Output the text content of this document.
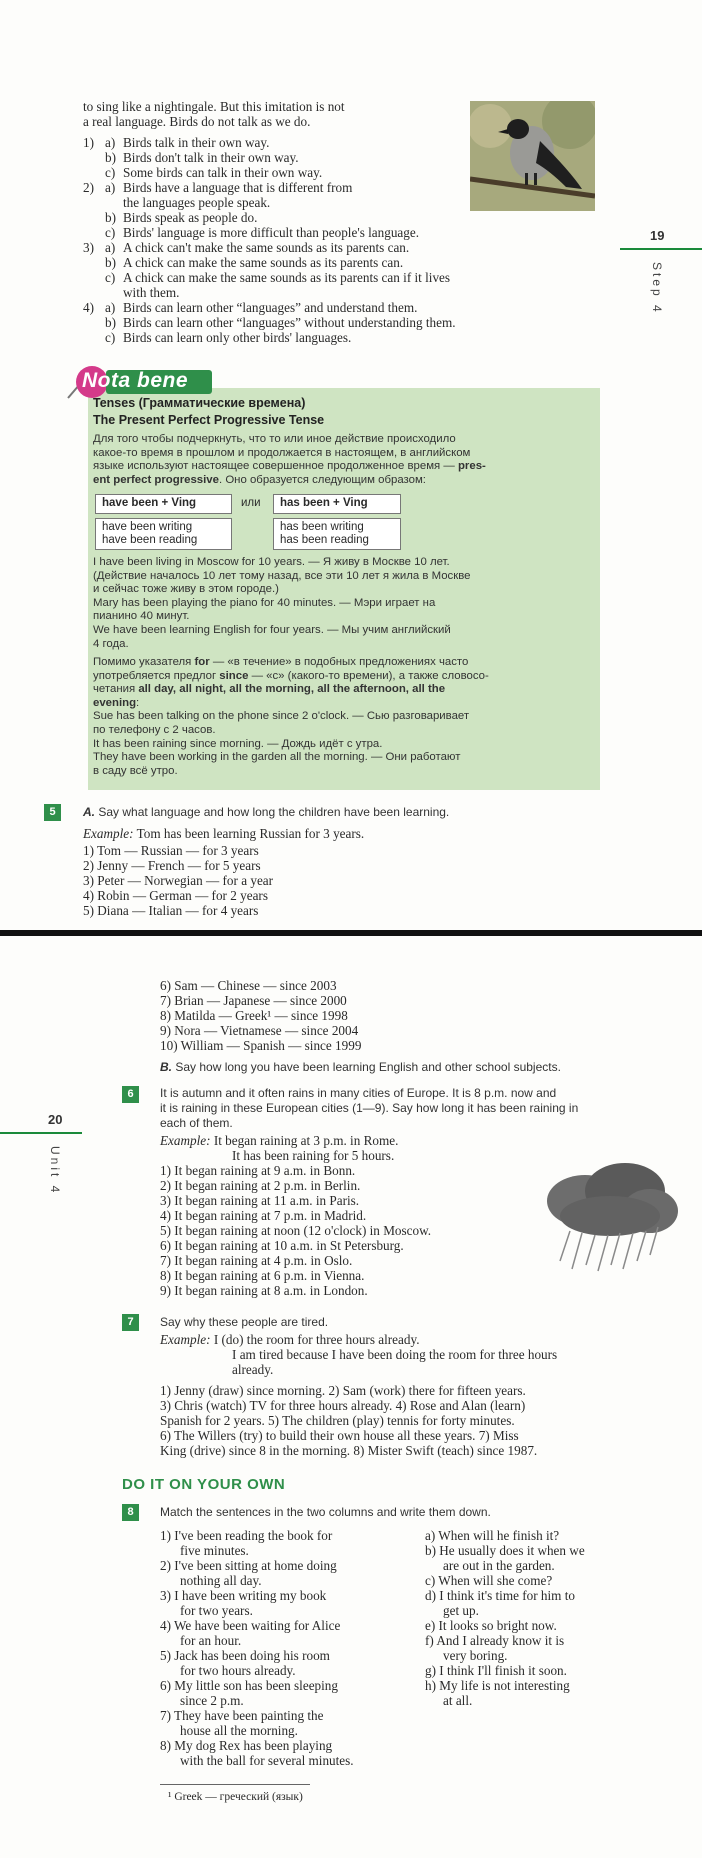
to sing like a nightingale. But this imitation is not
a real language. Birds do not talk as we do.
1) a) Birds talk in their own way.
b) Birds don't talk in their own way.
c) Some birds can talk in their own way.
2) a) Birds have a language that is different from
the languages people speak.
b) Birds speak as people do.
c) Birds' language is more difficult than people's language.
3) a) A chick can't make the same sounds as its parents can.
b) A chick can make the same sounds as its parents can.
c) A chick can make the same sounds as its parents can if it lives
with them.
4) a) Birds can learn other “languages” and understand them.
b) Birds can learn other “languages” without understanding them.
c) Birds can learn only other birds' languages.
19
Step 4
Nota bene
Tenses (Грамматические времена)
The Present Perfect Progressive Tense
Для того чтобы подчеркнуть, что то или иное действие происходило
какое-то время в прошлом и продолжается в настоящем, в английском
языке используют настоящее совершенное продолженное время — pres-
ent perfect progressive. Оно образуется следующим образом:
have been + Ving	или	has been + Ving
have been writing
have been reading
has been writing
has been reading
I have been living in Moscow for 10 years. — Я живу в Москве 10 лет.
(Действие началось 10 лет тому назад, все эти 10 лет я жила в Москве
и сейчас тоже живу в этом городе.)
Mary has been playing the piano for 40 minutes. — Мэри играет на
пианино 40 минут.
We have been learning English for four years. — Мы учим английский
4 года.
Помимо указателя for — «в течение» в подобных предложениях часто
употребляется предлог since — «с» (какого-то времени), а также словосо-
четания all day, all night, all the morning, all the afternoon, all the
evening:
Sue has been talking on the phone since 2 o'clock. — Сью разговаривает
по телефону с 2 часов.
It has been raining since morning. — Дождь идёт с утра.
They have been working in the garden all the morning. — Они работают
в саду всё утро.
5	A. Say what language and how long the children have been learning.
Example: Tom has been learning Russian for 3 years.
1) Tom — Russian — for 3 years
2) Jenny — French — for 5 years
3) Peter — Norwegian — for a year
4) Robin — German — for 2 years
5) Diana — Italian — for 4 years
6) Sam — Chinese — since 2003
7) Brian — Japanese — since 2000
8) Matilda — Greek¹ — since 1998
9) Nora — Vietnamese — since 2004
10) William — Spanish — since 1999
B. Say how long you have been learning English and other school subjects.
20
Unit 4
6	It is autumn and it often rains in many cities of Europe. It is 8 p.m. now and
it is raining in these European cities (1—9). Say how long it has been raining in
each of them.
Example: It began raining at 3 p.m. in Rome.
It has been raining for 5 hours.
1) It began raining at 9 a.m. in Bonn.
2) It began raining at 2 p.m. in Berlin.
3) It began raining at 11 a.m. in Paris.
4) It began raining at 7 p.m. in Madrid.
5) It began raining at noon (12 o'clock) in Moscow.
6) It began raining at 10 a.m. in St Petersburg.
7) It began raining at 4 p.m. in Oslo.
8) It began raining at 6 p.m. in Vienna.
9) It began raining at 8 a.m. in London.
7	Say why these people are tired.
Example: I (do) the room for three hours already.
I am tired because I have been doing the room for three hours
already.
1) Jenny (draw) since morning. 2) Sam (work) there for fifteen years.
3) Chris (watch) TV for three hours already. 4) Rose and Alan (learn)
Spanish for 2 years. 5) The children (play) tennis for forty minutes.
6) The Willers (try) to build their own house all these years. 7) Miss
King (drive) since 8 in the morning. 8) Mister Swift (teach) since 1987.
DO IT ON YOUR OWN
8	Match the sentences in the two columns and write them down.
1) I've been reading the book for
five minutes.
2) I've been sitting at home doing
nothing all day.
3) I have been writing my book
for two years.
4) We have been waiting for Alice
for an hour.
5) Jack has been doing his room
for two hours already.
6) My little son has been sleeping
since 2 p.m.
7) They have been painting the
house all the morning.
8) My dog Rex has been playing
with the ball for several minutes.
a) When will he finish it?
b) He usually does it when we
are out in the garden.
c) When will she come?
d) I think it's time for him to
get up.
e) It looks so bright now.
f) And I already know it is
very boring.
g) I think I'll finish it soon.
h) My life is not interesting
at all.
¹ Greek — греческий (язык)
